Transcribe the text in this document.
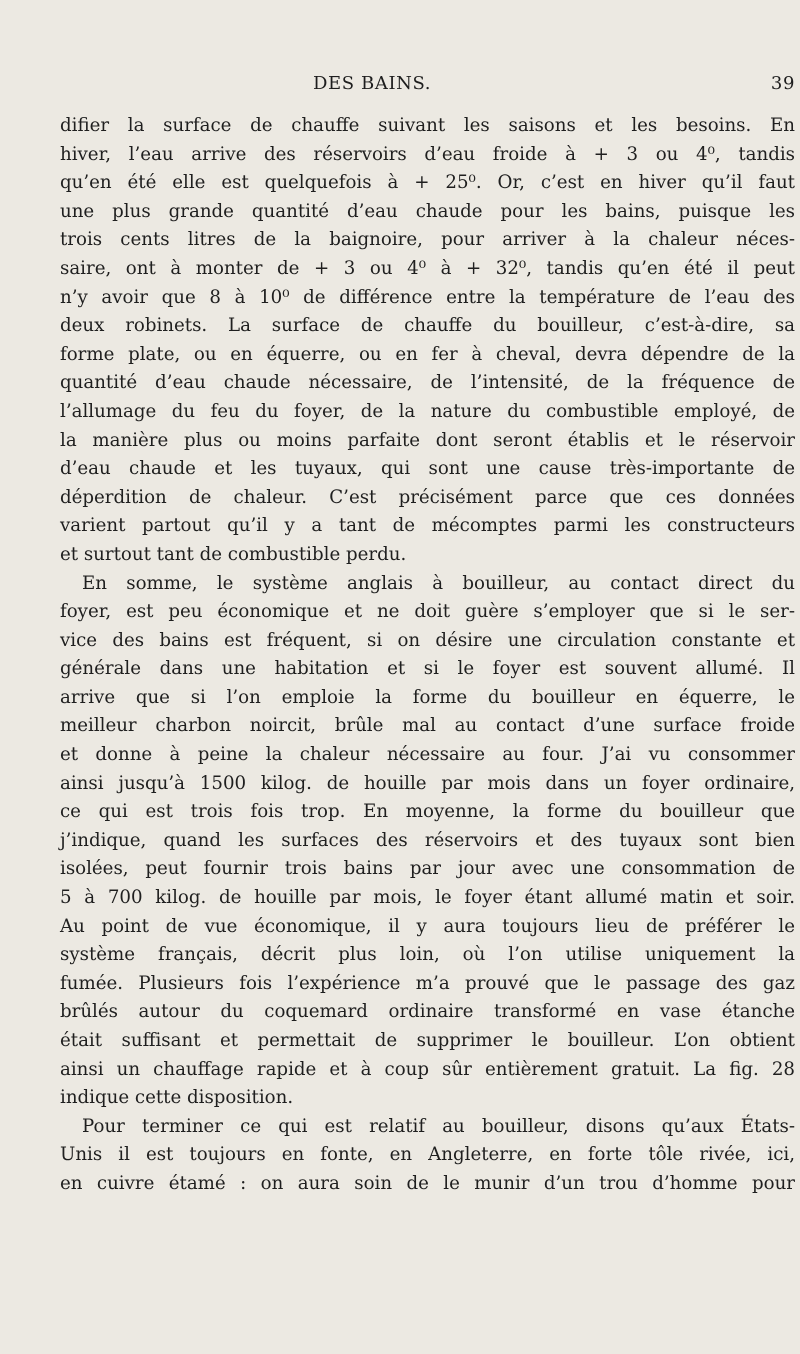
DES BAINS.	39
difier la surface de chauffe suivant les saisons et les besoins. En
hiver, l’eau arrive des réservoirs d’eau froide à + 3 ou 4⁰, tandis
qu’en été elle est quelquefois à + 25⁰. Or, c’est en hiver qu’il faut
une plus grande quantité d’eau chaude pour les bains, puisque les
trois cents litres de la baignoire, pour arriver à la chaleur néces-
saire, ont à monter de + 3 ou 4⁰ à + 32⁰, tandis qu’en été il peut
n’y avoir que 8 à 10⁰ de différence entre la température de l’eau des
deux robinets. La surface de chauffe du bouilleur, c’est-à-dire, sa
forme plate, ou en équerre, ou en fer à cheval, devra dépendre de la
quantité d’eau chaude nécessaire, de l’intensité, de la fréquence de
l’allumage du feu du foyer, de la nature du combustible employé, de
la manière plus ou moins parfaite dont seront établis et le réservoir
d’eau chaude et les tuyaux, qui sont une cause très-importante de
déperdition de chaleur. C’est précisément parce que ces données
varient partout qu’il y a tant de mécomptes parmi les constructeurs
et surtout tant de combustible perdu.
En somme, le système anglais à bouilleur, au contact direct du
foyer, est peu économique et ne doit guère s’employer que si le ser-
vice des bains est fréquent, si on désire une circulation constante et
générale dans une habitation et si le foyer est souvent allumé. Il
arrive que si l’on emploie la forme du bouilleur en équerre, le
meilleur charbon noircit, brûle mal au contact d’une surface froide
et donne à peine la chaleur nécessaire au four. J’ai vu consommer
ainsi jusqu’à 1500 kilog. de houille par mois dans un foyer ordinaire,
ce qui est trois fois trop. En moyenne, la forme du bouilleur que
j’indique, quand les surfaces des réservoirs et des tuyaux sont bien
isolées, peut fournir trois bains par jour avec une consommation de
5 à 700 kilog. de houille par mois, le foyer étant allumé matin et soir.
Au point de vue économique, il y aura toujours lieu de préférer le
système français, décrit plus loin, où l’on utilise uniquement la
fumée. Plusieurs fois l’expérience m’a prouvé que le passage des gaz
brûlés autour du coquemard ordinaire transformé en vase étanche
était suffisant et permettait de supprimer le bouilleur. L’on obtient
ainsi un chauffage rapide et à coup sûr entièrement gratuit. La fig. 28
indique cette disposition.
Pour terminer ce qui est relatif au bouilleur, disons qu’aux États-
Unis il est toujours en fonte, en Angleterre, en forte tôle rivée, ici,
en cuivre étamé : on aura soin de le munir d’un trou d’homme pour
